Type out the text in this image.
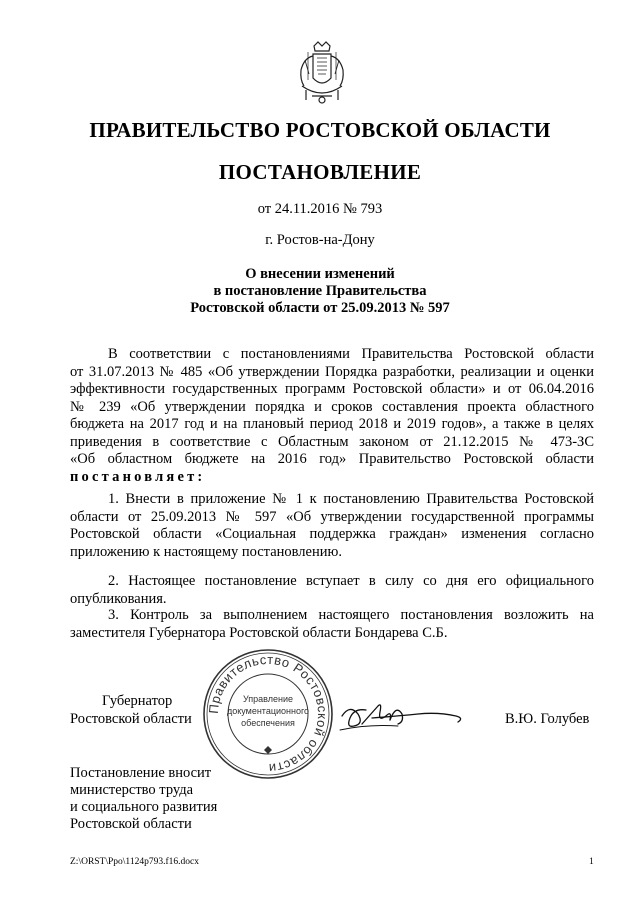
ПРАВИТЕЛЬСТВО РОСТОВСКОЙ ОБЛАСТИ
ПОСТАНОВЛЕНИЕ
от 24.11.2016 № 793
г. Ростов-на-Дону
О внесении изменений
в постановление Правительства
Ростовской области от 25.09.2013 № 597
В соответствии с постановлениями Правительства Ростовской области
от 31.07.2013 № 485 «Об утверждении Порядка разработки, реализации и оценки
эффективности государственных программ Ростовской области» и от 06.04.2016
№ 239 «Об утверждении порядка и сроков составления проекта областного
бюджета на 2017 год и на плановый период 2018 и 2019 годов», а также в целях
приведения в соответствие с Областным законом от 21.12.2015 № 473-ЗС
«Об областном бюджете на 2016 год» Правительство Ростовской области
постановляет:
1. Внести в приложение № 1 к постановлению Правительства Ростовской
области от 25.09.2013 № 597 «Об утверждении государственной программы
Ростовской области «Социальная поддержка граждан» изменения согласно
приложению к настоящему постановлению.
2. Настоящее постановление вступает в силу со дня его официального
опубликования.
3. Контроль за выполнением настоящего постановления возложить на
заместителя Губернатора Ростовской области Бондарева С.Б.
Губернатор
Ростовской области
Правительство Ростовской области
Управление
документационного
обеспечения	В.Ю. Голубев
Постановление вносит
министерство труда
и социального развития
Ростовской области
Z:\ORST\Ppo\1124p793.f16.docx	1
